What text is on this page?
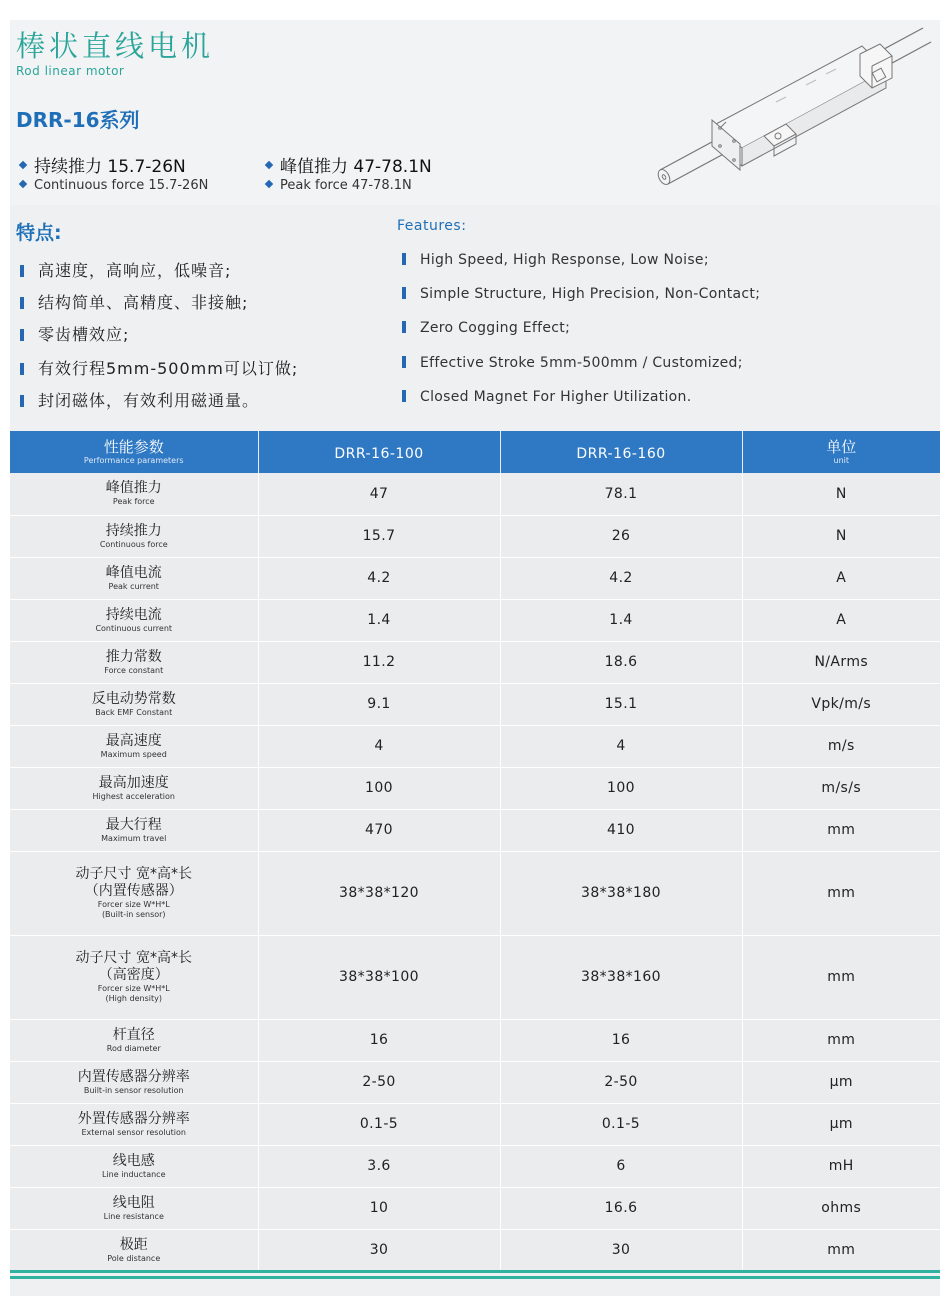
棒状直线电机
Rod linear motor
DRR-16系列
持续推力 15.7-26N
Continuous force 15.7-26N
峰值推力 47-78.1N
Peak force 47-78.1N
特点:	Features:
高速度，高响应，低噪音;
结构简单、高精度、非接触;
零齿槽效应;
有效行程5mm-500mm可以订做;
封闭磁体，有效利用磁通量。
High Speed, High Response, Low Noise;
Simple Structure, High Precision, Non-Contact;
Zero Cogging Effect;
Effective Stroke 5mm-500mm / Customized;
Closed Magnet For Higher Utilization.
性能参数
Performance parameters	DRR-16-100	DRR-16-160	单位
unit

峰值推力
Peak force	47	78.1	N

持续推力
Continuous force	15.7	26	N

峰值电流
Peak current	4.2	4.2	A

持续电流
Continuous current	1.4	1.4	A

推力常数
Force constant	11.2	18.6	N/Arms

反电动势常数
Back EMF Constant	9.1	15.1	Vpk/m/s

最高速度
Maximum speed	4	4	m/s

最高加速度
Highest acceleration	100	100	m/s/s

最大行程
Maximum travel	470	410	mm

动子尺寸 宽*高*长
（内置传感器）
Forcer size W*H*L
(Built-in sensor)	38*38*120	38*38*180	mm

动子尺寸 宽*高*长
（高密度）
Forcer size W*H*L
(High density)	38*38*100	38*38*160	mm

杆直径
Rod diameter	16	16	mm

内置传感器分辨率
Built-in sensor resolution	2-50	2-50	μm

外置传感器分辨率
External sensor resolution	0.1-5	0.1-5	μm

线电感
Line inductance	3.6	6	mH

线电阻
Line resistance	10	16.6	ohms

极距
Pole distance	30	30	mm
